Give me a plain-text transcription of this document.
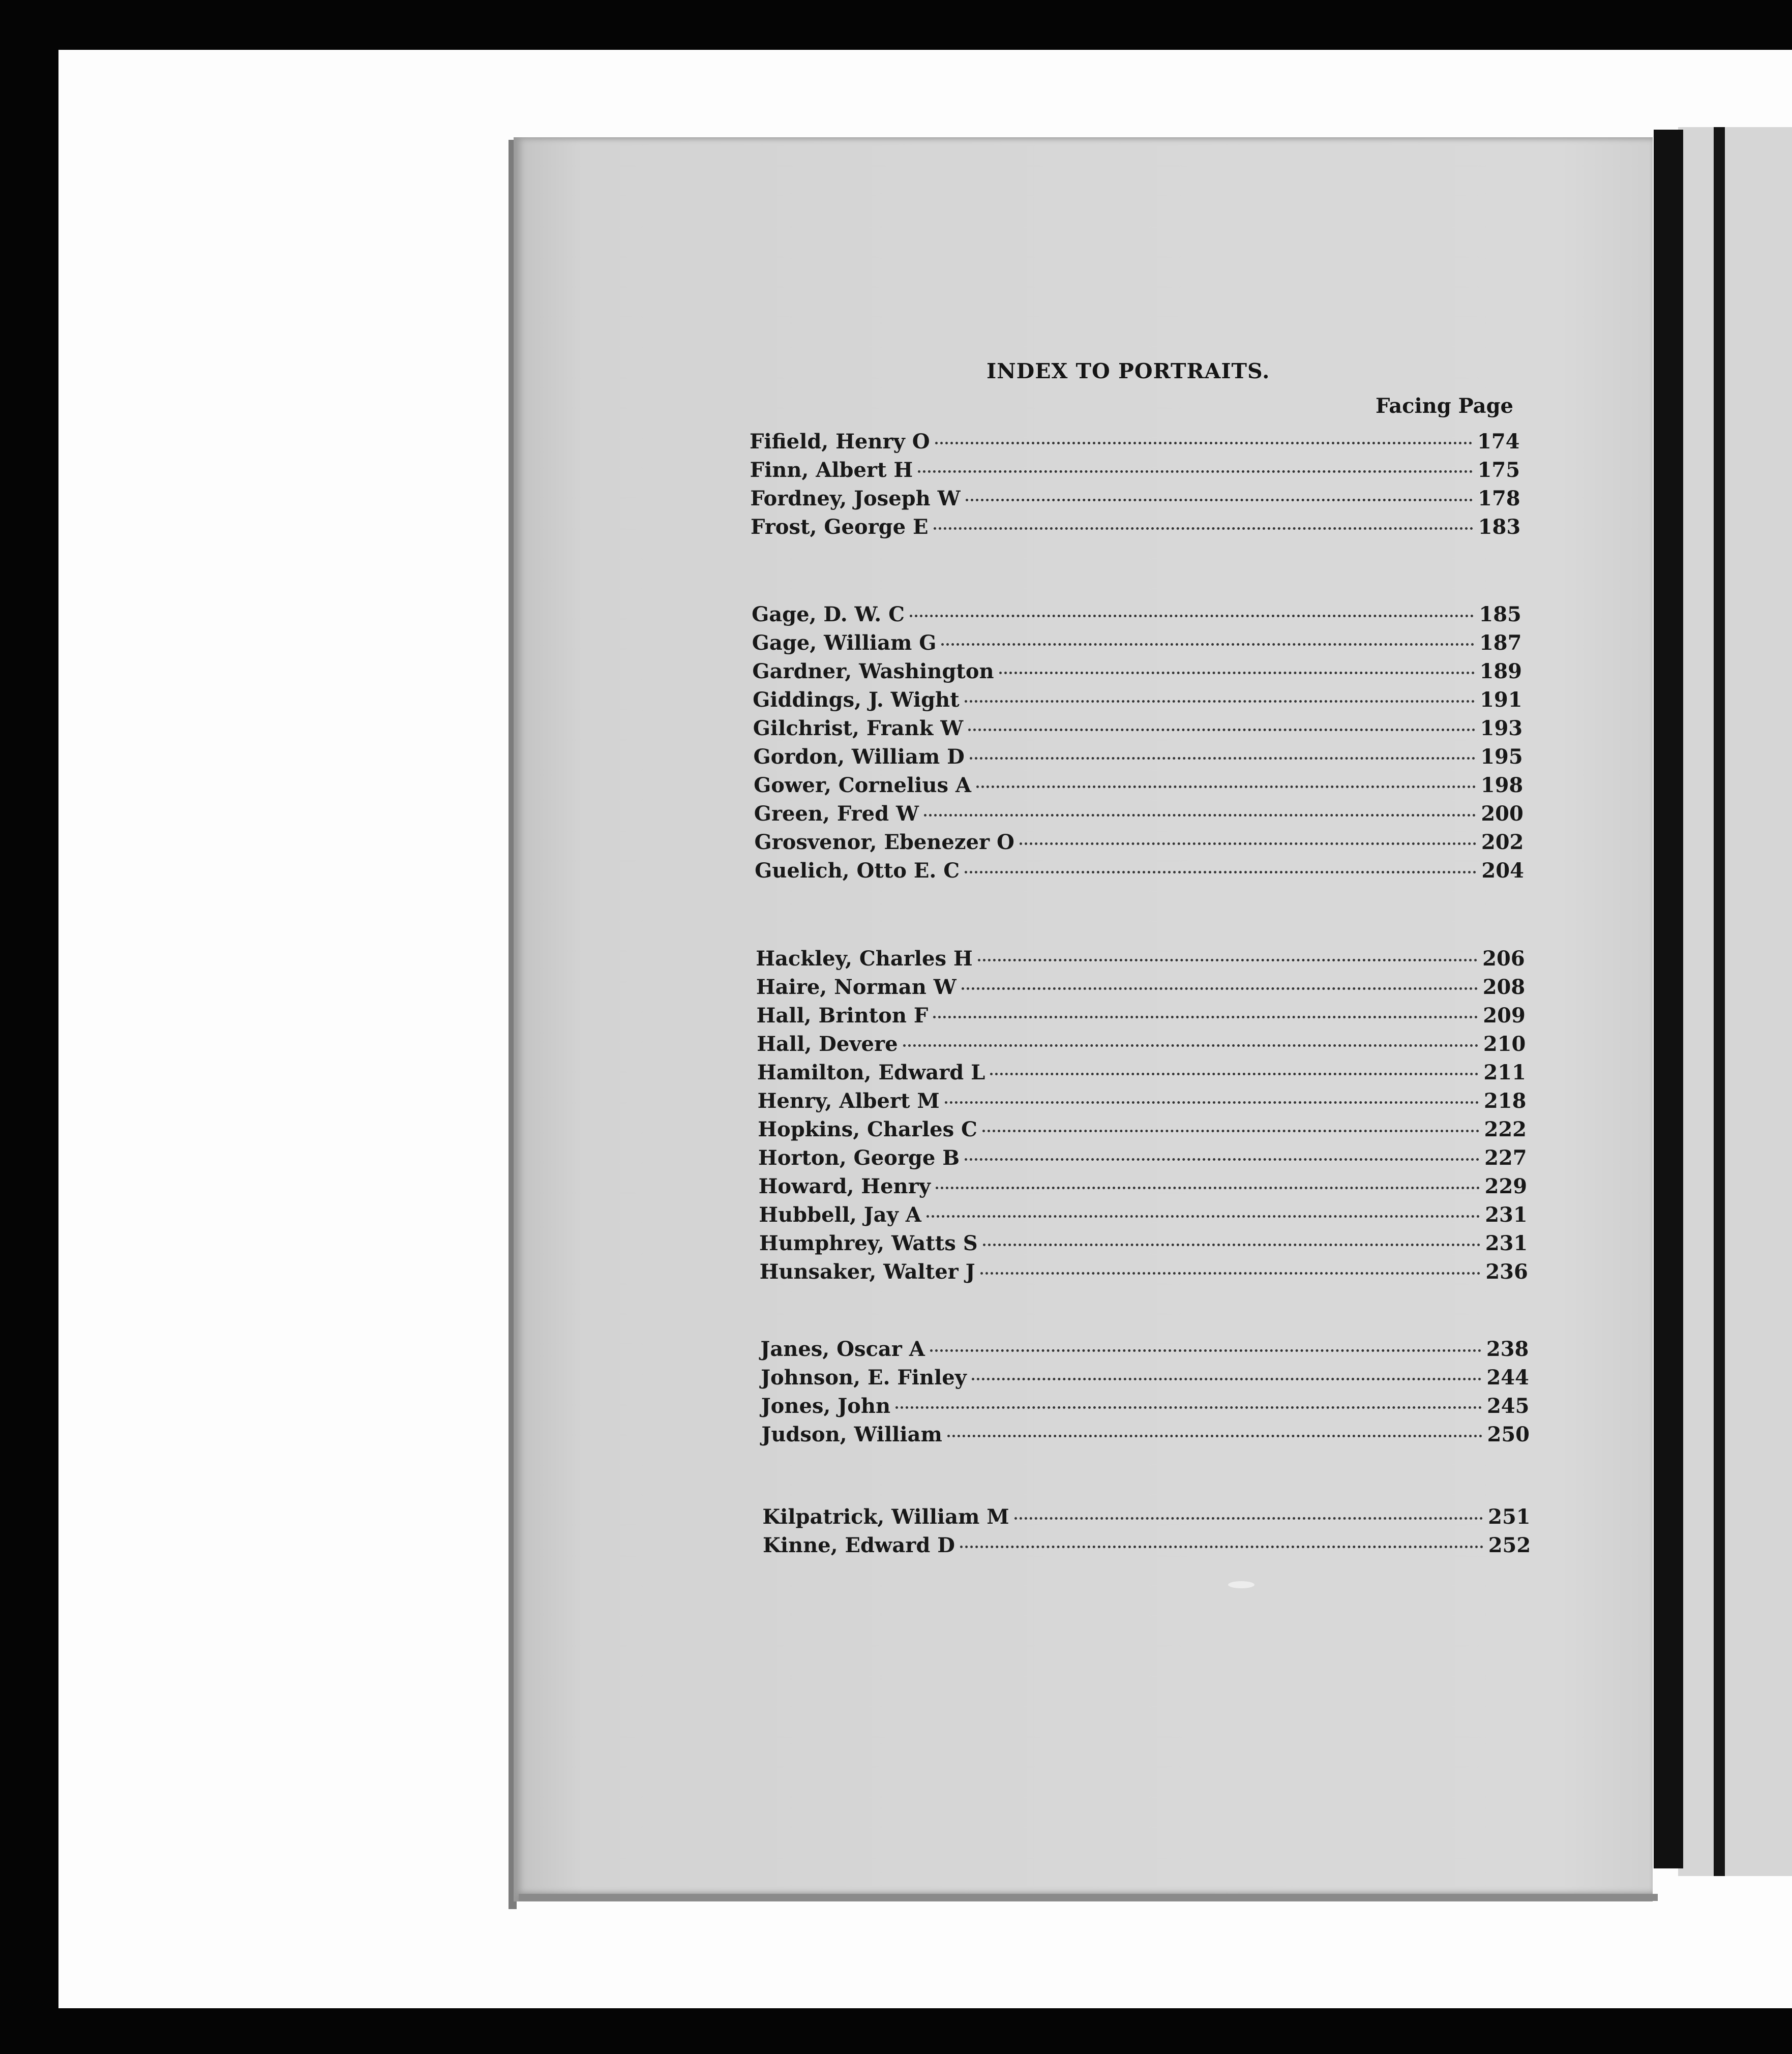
INDEX TO PORTRAITS.
Facing Page
Fifield, Henry O	174
Finn, Albert H	175
Fordney, Joseph W	178
Frost, George E	183
Gage, D. W. C	185
Gage, William G	187
Gardner, Washington	189
Giddings, J. Wight	191
Gilchrist, Frank W	193
Gordon, William D	195
Gower, Cornelius A	198
Green, Fred W	200
Grosvenor, Ebenezer O	202
Guelich, Otto E. C	204
Hackley, Charles H	206
Haire, Norman W	208
Hall, Brinton F	209
Hall, Devere	210
Hamilton, Edward L	211
Henry, Albert M	218
Hopkins, Charles C	222
Horton, George B	227
Howard, Henry	229
Hubbell, Jay A	231
Humphrey, Watts S	231
Hunsaker, Walter J	236
Janes, Oscar A	238
Johnson, E. Finley	244
Jones, John	245
Judson, William	250
Kilpatrick, William M	251
Kinne, Edward D	252
